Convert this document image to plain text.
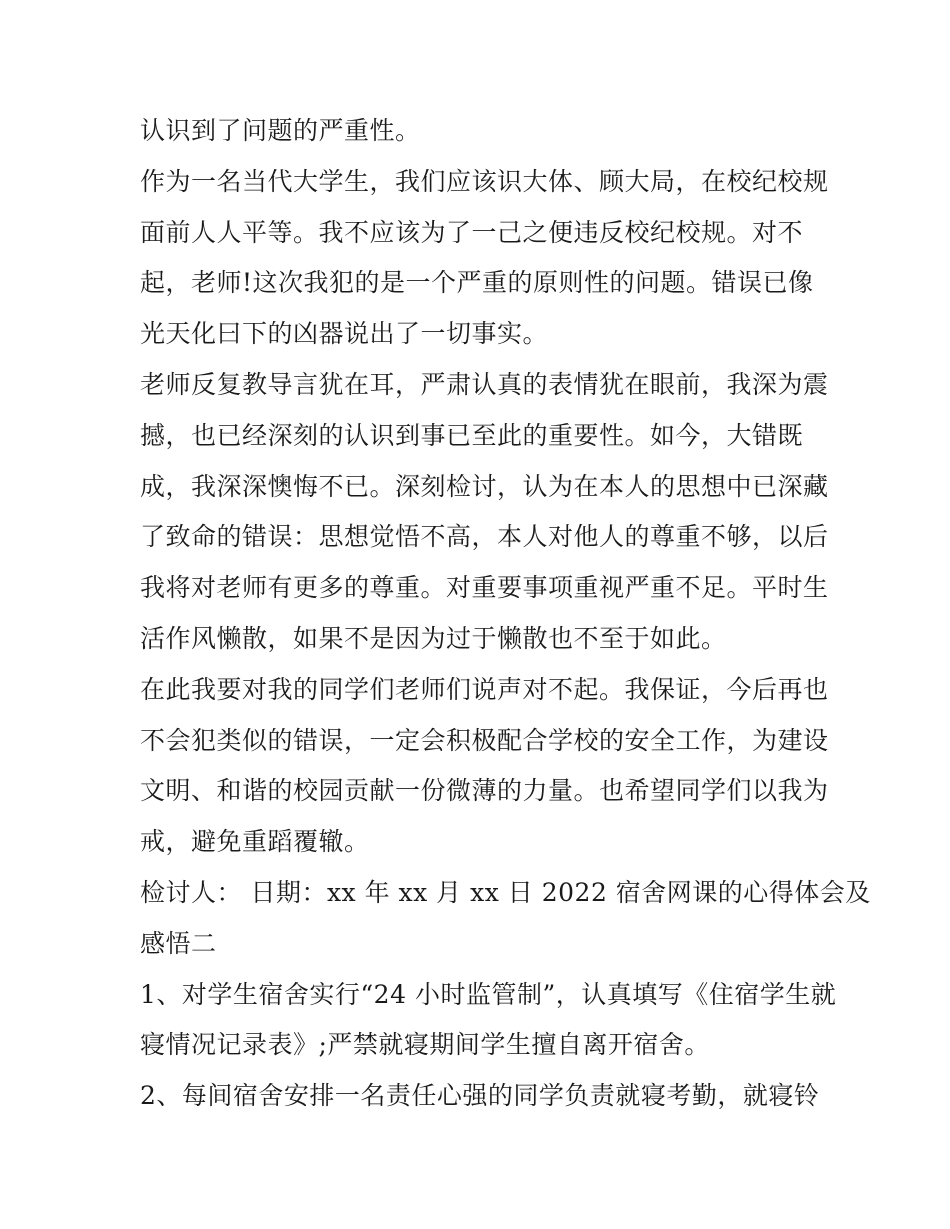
认识到了问题的严重性。

作为一名当代大学生，我们应该识大体、顾大局，在校纪校规

面前人人平等。我不应该为了一己之便违反校纪校规。对不

起，老师!这次我犯的是一个严重的原则性的问题。错误已像

光天化曰下的凶器说出了一切事实。

老师反复教导言犹在耳，严肃认真的表情犹在眼前，我深为震

撼，也已经深刻的认识到事已至此的重要性。如今，大错既

成，我深深懊悔不已。深刻检讨，认为在本人的思想中已深藏

了致命的错误：思想觉悟不高，本人对他人的尊重不够，以后

我将对老师有更多的尊重。对重要事项重视严重不足。平时生

活作风懒散，如果不是因为过于懒散也不至于如此。

在此我要对我的同学们老师们说声对不起。我保证，今后再也

不会犯类似的错误，一定会积极配合学校的安全工作，为建设

文明、和谐的校园贡献一份微薄的力量。也希望同学们以我为

戒，避免重蹈覆辙。

检讨人： 日期：xx 年 xx 月 xx 日 2022 宿舍网课的心得体会及

感悟二

1、对学生宿舍实行“24 小时监管制”，认真填写《住宿学生就

寝情况记录表》;严禁就寝期间学生擅自离开宿舍。

2、每间宿舍安排一名责任心强的同学负责就寝考勤，就寝铃
